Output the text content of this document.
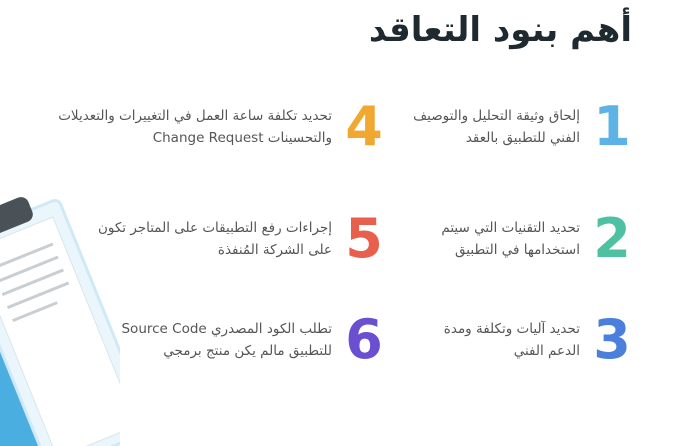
أهم بنود التعاقد
1
إلحاق وثيقة التحليل والتوصيف
الفني للتطبيق بالعقد
2
تحديد التقنيات التي سيتم
استخدامها في التطبيق
3
تحديد آليات وتكلفة ومدة
الدعم الفني
4
تحديد تكلفة ساعة العمل في التغييرات والتعديلات
والتحسينات Change Request
5
إجراءات رفع التطبيقات على المتاجر تكون
على الشركة المُنفذة
6
تطلب الكود المصدري Source Code
للتطبيق مالم يكن منتج برمجي
